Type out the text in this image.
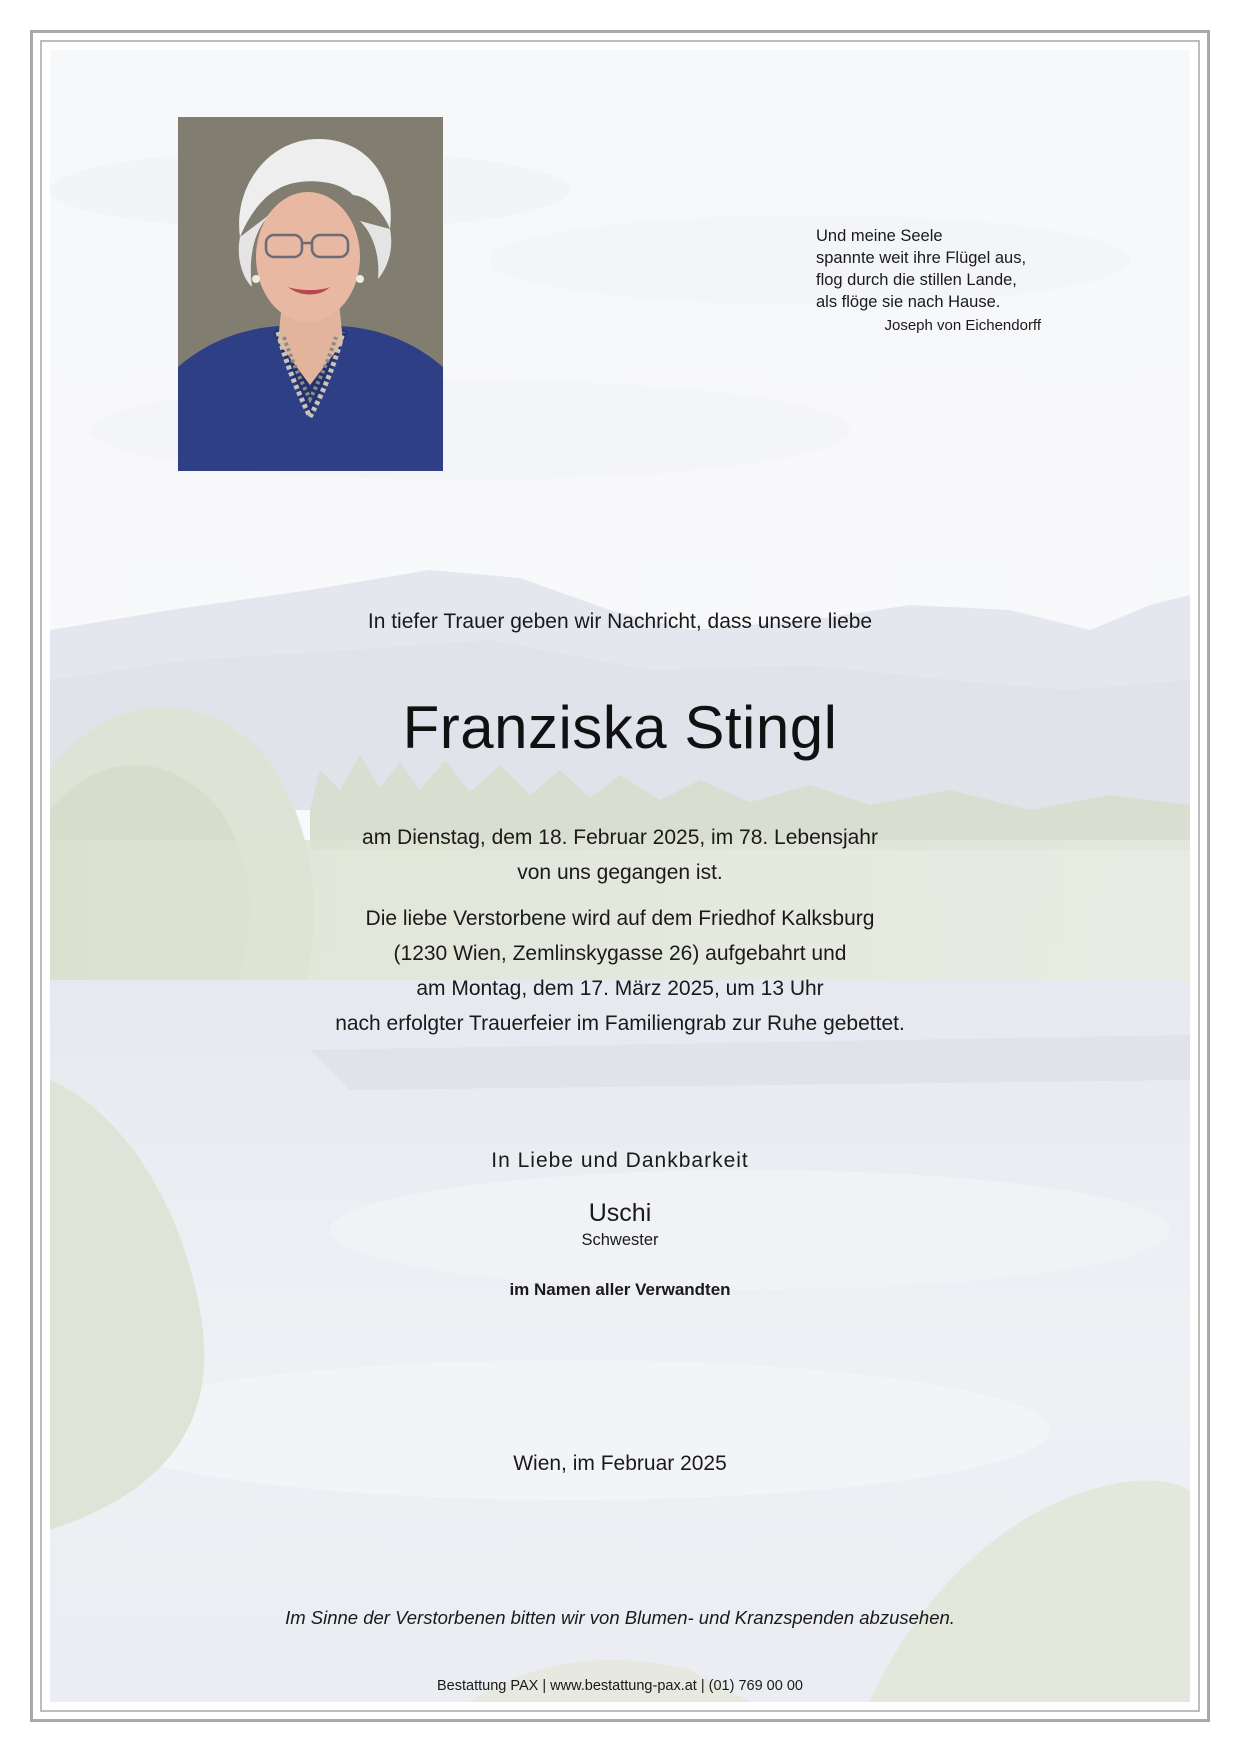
Und meine Seele
spannte weit ihre Flügel aus,
flog durch die stillen Lande,
als flöge sie nach Hause.
Joseph von Eichendorff
In tiefer Trauer geben wir Nachricht, dass unsere liebe
Franziska Stingl
am Dienstag, dem 18. Februar 2025, im 78. Lebensjahr
von uns gegangen ist.
Die liebe Verstorbene wird auf dem Friedhof Kalksburg
(1230 Wien, Zemlinskygasse 26) aufgebahrt und
am Montag, dem 17. März 2025, um 13 Uhr
nach erfolgter Trauerfeier im Familiengrab zur Ruhe gebettet.
In Liebe und Dankbarkeit
Uschi
Schwester
im Namen aller Verwandten
Wien, im Februar 2025
Im Sinne der Verstorbenen bitten wir von Blumen- und Kranzspenden abzusehen.
Bestattung PAX | www.bestattung-pax.at | (01) 769 00 00
